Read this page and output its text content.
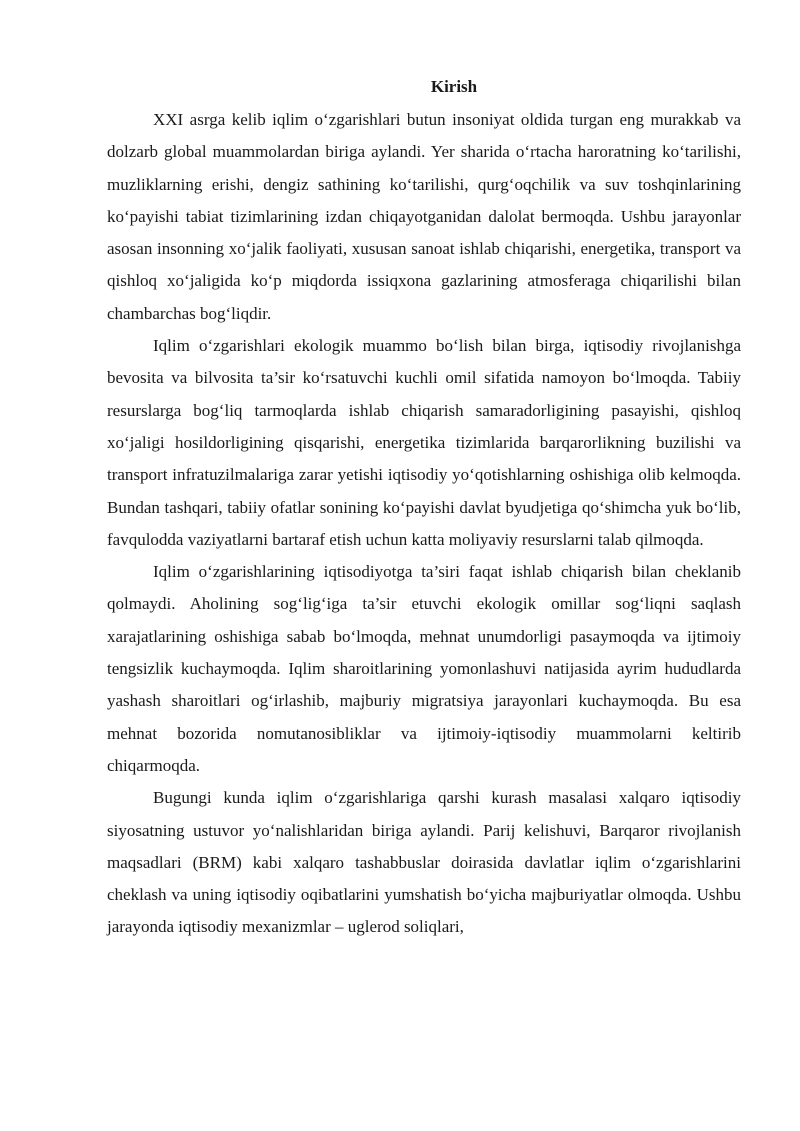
Kirish

XXI asrga kelib iqlim o‘zgarishlari butun insoniyat oldida turgan eng murakkab va dolzarb global muammolardan biriga aylandi. Yer sharida o‘rtacha haroratning ko‘tarilishi, muzliklarning erishi, dengiz sathining ko‘tarilishi, qurg‘oqchilik va suv toshqinlarining ko‘payishi tabiat tizimlarining izdan chiqayotganidan dalolat bermoqda. Ushbu jarayonlar asosan insonning xo‘jalik faoliyati, xususan sanoat ishlab chiqarishi, energetika, transport va qishloq xo‘jaligida ko‘p miqdorda issiqxona gazlarining atmosferaga chiqarilishi bilan chambarchas bog‘liqdir.

Iqlim o‘zgarishlari ekologik muammo bo‘lish bilan birga, iqtisodiy rivojlanishga bevosita va bilvosita ta’sir ko‘rsatuvchi kuchli omil sifatida namoyon bo‘lmoqda. Tabiiy resurslarga bog‘liq tarmoqlarda ishlab chiqarish samaradorligining pasayishi, qishloq xo‘jaligi hosildorligining qisqarishi, energetika tizimlarida barqarorlikning buzilishi va transport infratuzilmalariga zarar yetishi iqtisodiy yo‘qotishlarning oshishiga olib kelmoqda. Bundan tashqari, tabiiy ofatlar sonining ko‘payishi davlat byudjetiga qo‘shimcha yuk bo‘lib, favqulodda vaziyatlarni bartaraf etish uchun katta moliyaviy resurslarni talab qilmoqda.

Iqlim o‘zgarishlarining iqtisodiyotga ta’siri faqat ishlab chiqarish bilan cheklanib qolmaydi. Aholining sog‘lig‘iga ta’sir etuvchi ekologik omillar sog‘liqni saqlash xarajatlarining oshishiga sabab bo‘lmoqda, mehnat unumdorligi pasaymoqda va ijtimoiy tengsizlik kuchaymoqda. Iqlim sharoitlarining yomonlashuvi natijasida ayrim hududlarda yashash sharoitlari og‘irlashib, majburiy migratsiya jarayonlari kuchaymoqda. Bu esa mehnat bozorida nomutanosibliklar va ijtimoiy-iqtisodiy muammolarni keltirib chiqarmoqda.

Bugungi kunda iqlim o‘zgarishlariga qarshi kurash masalasi xalqaro iqtisodiy siyosatning ustuvor yo‘nalishlaridan biriga aylandi. Parij kelishuvi, Barqaror rivojlanish maqsadlari (BRM) kabi xalqaro tashabbuslar doirasida davlatlar iqlim o‘zgarishlarini cheklash va uning iqtisodiy oqibatlarini yumshatish bo‘yicha majburiyatlar olmoqda. Ushbu jarayonda iqtisodiy mexanizmlar – uglerod soliqlari,
